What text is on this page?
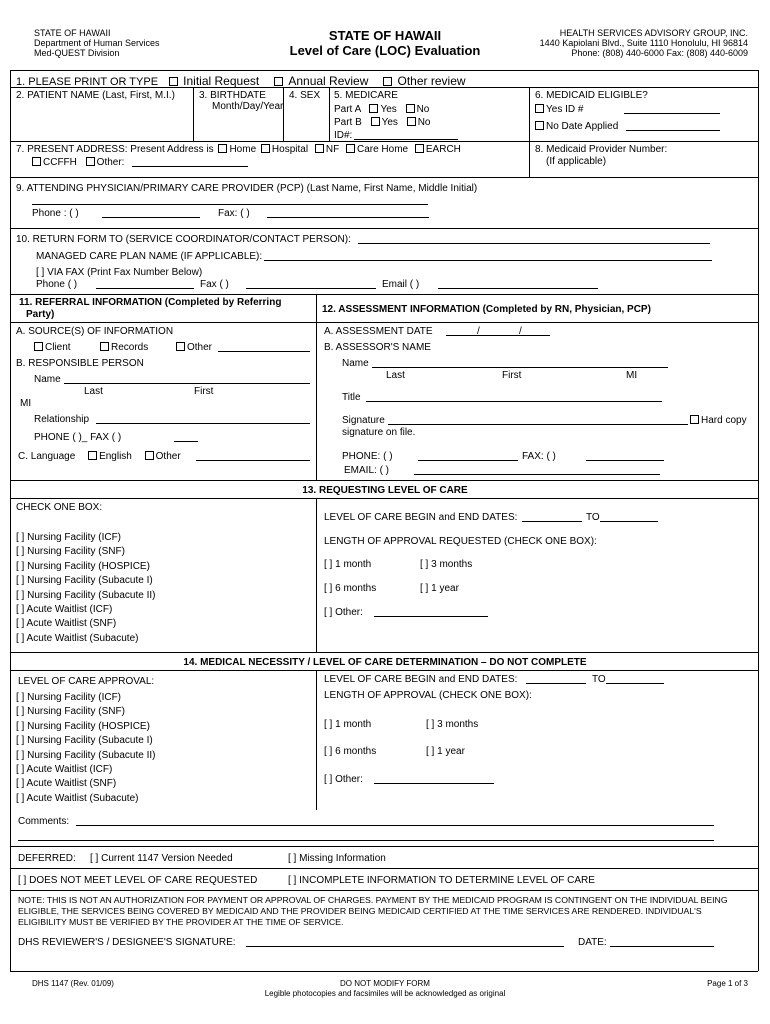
STATE OF HAWAII
Department of Human Services
Med-QUEST Division
STATE OF HAWAII
Level of Care (LOC) Evaluation
HEALTH SERVICES ADVISORY GROUP, INC.
1440 Kapiolani Blvd., Suite 1110 Honolulu, HI 96814
Phone: (808) 440-6000 Fax: (808) 440-6009
1. PLEASE PRINT OR TYPE Initial Request Annual Review Other review
2. PATIENT NAME (Last, First, M.I.) 3. BIRTHDATE
Month/Day/Year
4. SEX 5. MEDICARE
Part A Yes No
Part B Yes No
ID#:
6. MEDICAID ELIGIBLE?
Yes ID #
No Date Applied
7. PRESENT ADDRESS: Present Address is Home Hospital NF Care Home EARCH
CCFFH Other:
8. Medicaid Provider Number:
(If applicable)
9. ATTENDING PHYSICIAN/PRIMARY CARE PROVIDER (PCP) (Last Name, First Name, Middle Initial)
Phone : ( )	Fax: ( )
10. RETURN FORM TO (SERVICE COORDINATOR/CONTACT PERSON):
MANAGED CARE PLAN NAME (IF APPLICABLE):
[ ] VIA FAX (Print Fax Number Below)
Phone ( )	Fax ( )	Email ( )
11. REFERRAL INFORMATION (Completed by Referring
Party)
A. SOURCE(S) OF INFORMATION
Client	Records	Other
B. RESPONSIBLE PERSON
Name
Last	First
MI
Relationship
PHONE ( )_ FAX ( )
C. Language English Other
12. ASSESSMENT INFORMATION (Completed by RN, Physician, PCP)
A. ASSESSMENT DATE	/	/
B. ASSESSOR'S NAME
Name
Last	First	MI
Title
Signature	Hard copy
signature on file.
PHONE: ( )	FAX: ( )
EMAIL: ( )
13. REQUESTING LEVEL OF CARE
CHECK ONE BOX:
[ ] Nursing Facility (ICF)
[ ] Nursing Facility (SNF)
[ ] Nursing Facility (HOSPICE)
[ ] Nursing Facility (Subacute I)
[ ] Nursing Facility (Subacute II)
[ ] Acute Waitlist (ICF)
[ ] Acute Waitlist (SNF)
[ ] Acute Waitlist (Subacute)
LEVEL OF CARE BEGIN and END DATES:	TO
LENGTH OF APPROVAL REQUESTED (CHECK ONE BOX):
[ ] 1 month	[ ] 3 months
[ ] 6 months	[ ] 1 year
[ ] Other:
14. MEDICAL NECESSITY / LEVEL OF CARE DETERMINATION – DO NOT COMPLETE
LEVEL OF CARE APPROVAL:
[ ] Nursing Facility (ICF)
[ ] Nursing Facility (SNF)
[ ] Nursing Facility (HOSPICE)
[ ] Nursing Facility (Subacute I)
[ ] Nursing Facility (Subacute II)
[ ] Acute Waitlist (ICF)
[ ] Acute Waitlist (SNF)
[ ] Acute Waitlist (Subacute)
LEVEL OF CARE BEGIN and END DATES:	TO
LENGTH OF APPROVAL (CHECK ONE BOX):
[ ] 1 month	[ ] 3 months
[ ] 6 months	[ ] 1 year
[ ] Other:
Comments:
DEFERRED: [ ] Current 1147 Version Needed	[ ] Missing Information
[ ] DOES NOT MEET LEVEL OF CARE REQUESTED	[ ] INCOMPLETE INFORMATION TO DETERMINE LEVEL OF CARE
NOTE: THIS IS NOT AN AUTHORIZATION FOR PAYMENT OR APPROVAL OF CHARGES. PAYMENT BY THE MEDICAID PROGRAM IS CONTINGENT ON THE INDIVIDUAL BEING
ELIGIBLE, THE SERVICES BEING COVERED BY MEDICAID AND THE PROVIDER BEING MEDICAID CERTIFIED AT THE TIME SERVICES ARE RENDERED. INDIVIDUAL'S
ELIGIBILITY MUST BE VERIFIED BY THE PROVIDER AT THE TIME OF SERVICE.
DHS REVIEWER'S / DESIGNEE'S SIGNATURE:	DATE:
DHS 1147 (Rev. 01/09)	DO NOT MODIFY FORM
Legible photocopies and facsimiles will be acknowledged as original
Page 1 of 3
